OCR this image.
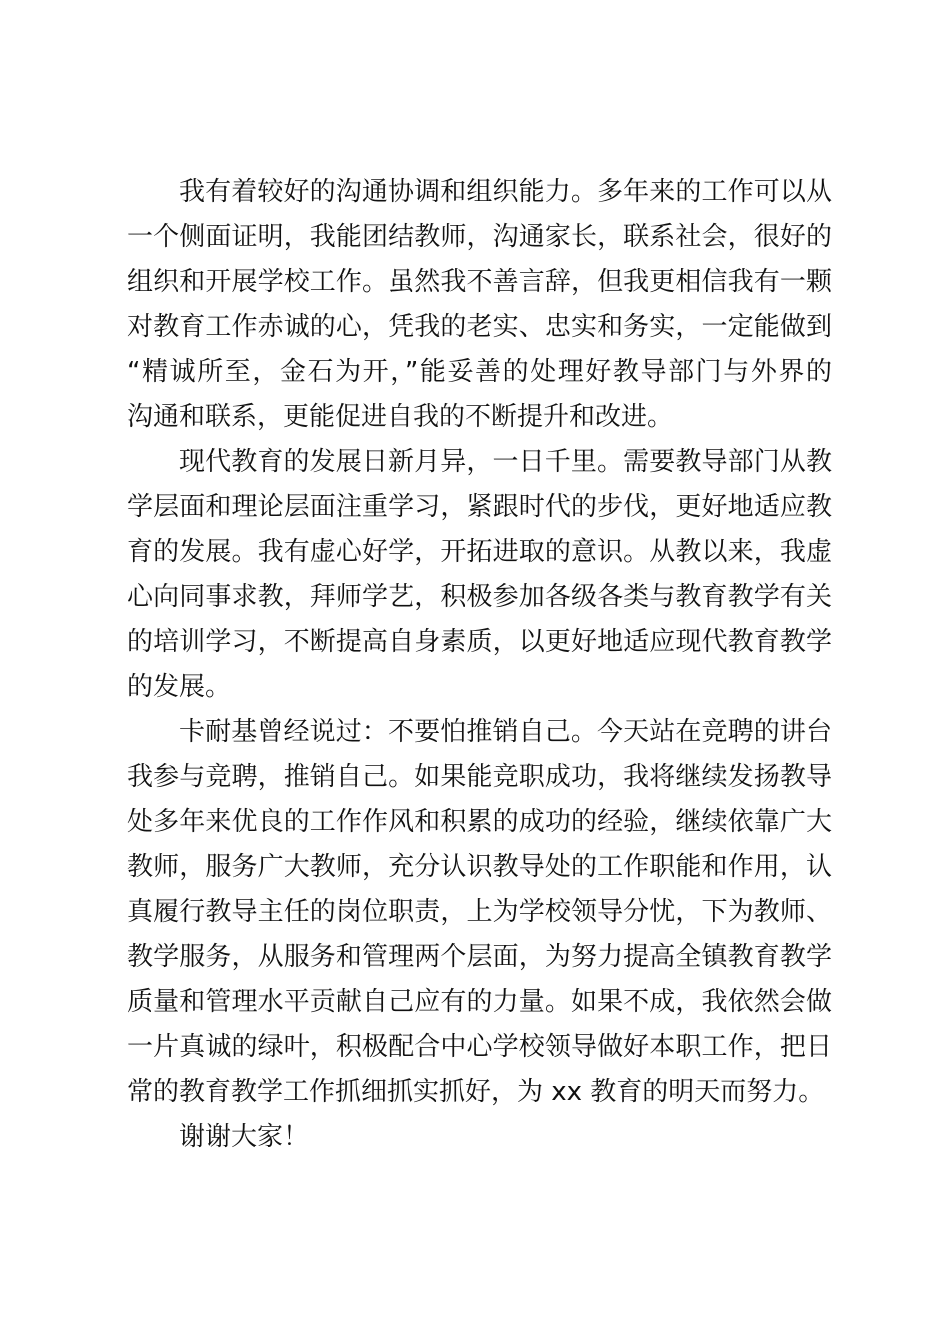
我有着较好的沟通协调和组织能力。多年来的工作可以从
一个侧面证明，我能团结教师，沟通家长，联系社会，很好的
组织和开展学校工作。虽然我不善言辞，但我更相信我有一颗
对教育工作赤诚的心，凭我的老实、忠实和务实，一定能做到
“精诚所至，金石为开，”能妥善的处理好教导部门与外界的
沟通和联系，更能促进自我的不断提升和改进。
现代教育的发展日新月异，一日千里。需要教导部门从教
学层面和理论层面注重学习，紧跟时代的步伐，更好地适应教
育的发展。我有虚心好学，开拓进取的意识。从教以来，我虚
心向同事求教，拜师学艺，积极参加各级各类与教育教学有关
的培训学习，不断提高自身素质，以更好地适应现代教育教学
的发展。
卡耐基曾经说过：不要怕推销自己。今天站在竞聘的讲台
我参与竞聘，推销自己。如果能竞职成功，我将继续发扬教导
处多年来优良的工作作风和积累的成功的经验，继续依靠广大
教师，服务广大教师，充分认识教导处的工作职能和作用，认
真履行教导主任的岗位职责，上为学校领导分忧，下为教师、
教学服务，从服务和管理两个层面，为努力提高全镇教育教学
质量和管理水平贡献自己应有的力量。如果不成，我依然会做
一片真诚的绿叶，积极配合中心学校领导做好本职工作，把日
常的教育教学工作抓细抓实抓好，为 xx 教育的明天而努力。
谢谢大家！
